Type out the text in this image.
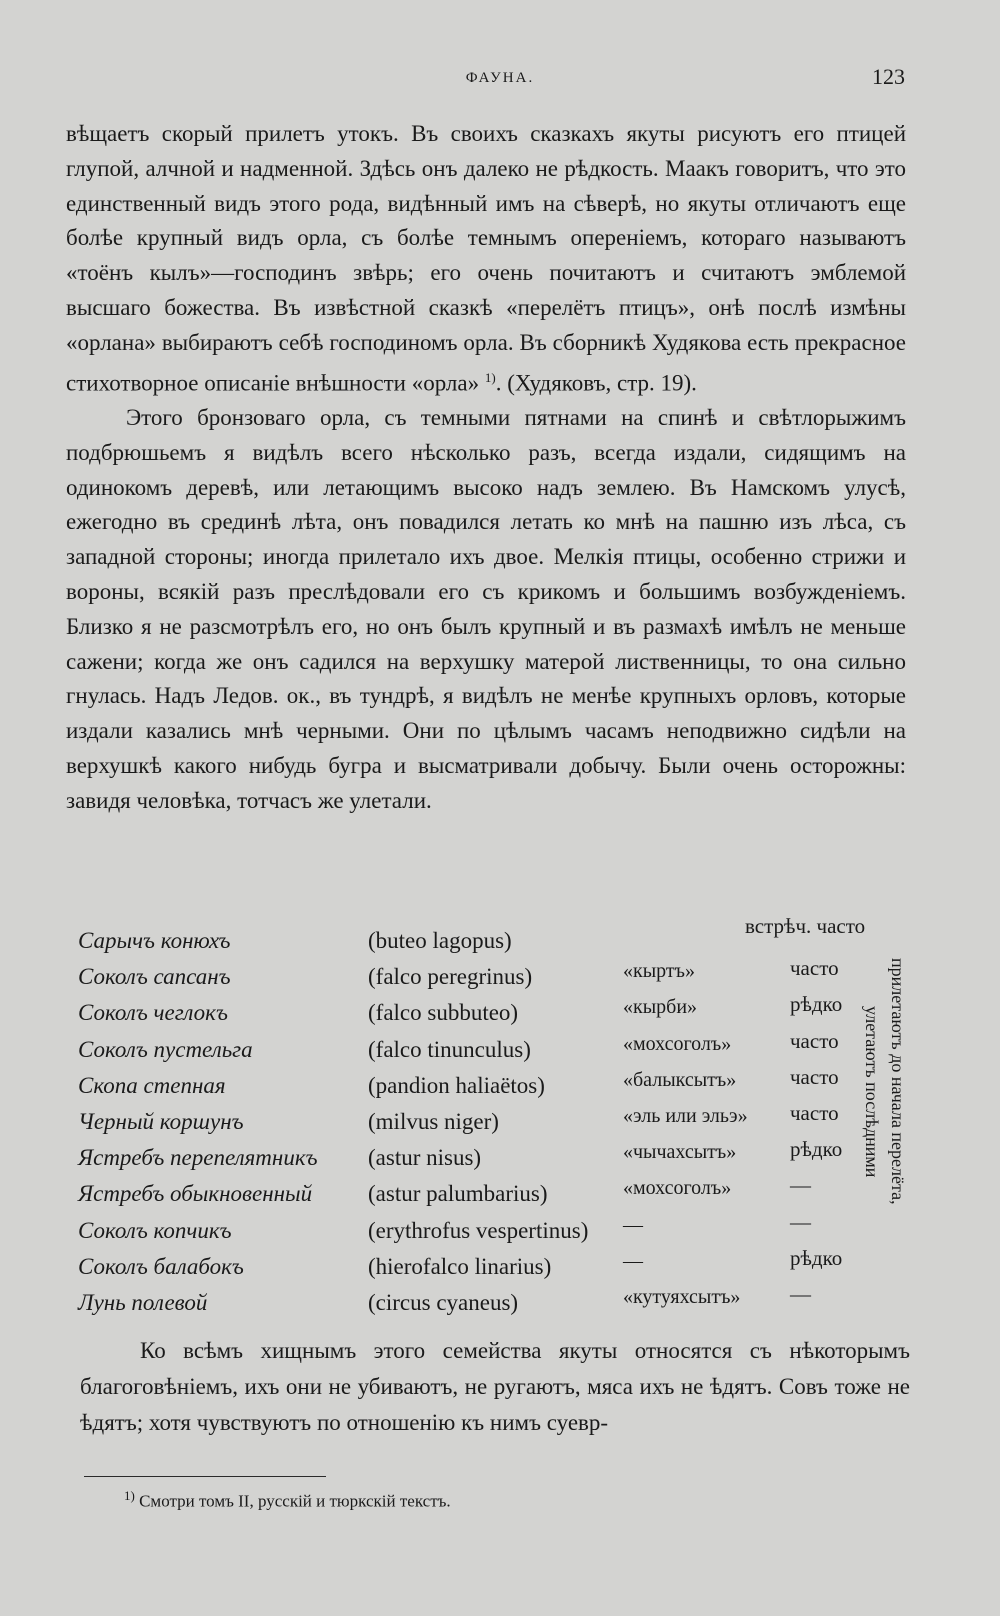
ФАУНА.	123

вѣщаетъ скорый прилетъ утокъ. Въ своихъ сказкахъ якуты рисуютъ его птицей глупой, алчной и надменной. Здѣсь онъ далеко не рѣдкость. Маакъ говоритъ, что это единственный видъ этого рода, видѣнный имъ на сѣверѣ, но якуты отличаютъ еще болѣе крупный видъ орла, съ болѣе темнымъ опереніемъ, котораго называютъ «тоёнъ кылъ»—господинъ звѣрь; его очень почитаютъ и считаютъ эмблемой высшаго божества. Въ извѣстной сказкѣ «перелётъ птицъ», онѣ послѣ измѣны «орлана» выбираютъ себѣ господиномъ орла. Въ сборникѣ Худякова есть прекрасное стихотворное описаніе внѣшности «орла» $^{1)}$. (Худяковъ, стр. 19).

Этого бронзоваго орла, съ темными пятнами на спинѣ и свѣтлорыжимъ подбрюшьемъ я видѣлъ всего нѣсколько разъ, всегда издали, сидящимъ на одинокомъ деревѣ, или летающимъ высоко надъ землею. Въ Намскомъ улусѣ, ежегодно въ срединѣ лѣта, онъ повадился летать ко мнѣ на пашню изъ лѣса, съ западной стороны; иногда прилетало ихъ двое. Мелкія птицы, особенно стрижи и вороны, всякій разъ преслѣдовали его съ крикомъ и большимъ возбужденіемъ. Близко я не разсмотрѣлъ его, но онъ былъ крупный и въ размахѣ имѣлъ не меньше сажени; когда же онъ садился на верхушку матерой лиственницы, то она сильно гнулась. Надъ Ледов. ок., въ тундрѣ, я видѣлъ не менѣе крупныхъ орловъ, которые издали казались мнѣ черными. Они по цѣлымъ часамъ неподвижно сидѣли на верхушкѣ какого нибудь бугра и высматривали добычу. Были очень осторожны: завидя человѣка, тотчасъ же улетали.

встрѣч. часто
Сарычъ конюхъ	(buteo lagopus)
Соколъ сапсанъ	(falco peregrinus)	«кыртъ»	часто
Соколъ чеглокъ	(falco subbuteo)	«кырби»	рѣдко
Соколъ пустельга	(falco tinunculus)	«мохсоголъ»	часто
Скопа степная	(pandion haliaëtos)	«балыксытъ»	часто
Черный коршунъ	(milvus niger)	«эль или эльэ» часто
Ястребъ перепелятникъ (astur nisus)	«чычахсытъ»	рѣдко
Ястребъ обыкновенный (astur palumbarius)	«мохсоголъ»	—
Соколъ копчикъ	(erythrofus vespertinus) —	—
Соколъ балабокъ	(hierofalco linarius)	—	рѣдко
Лунь полевой	(circus cyaneus)	«кутуяхсытъ» —
прилетаютъ до начала перелёта,
улетаютъ послѣдними

Ко всѣмъ хищнымъ этого семейства якуты относятся съ нѣкоторымъ благоговѣніемъ, ихъ они не убиваютъ, не ругаютъ, мяса ихъ не ѣдятъ. Совъ тоже не ѣдятъ; хотя чувствуютъ по отношенію къ нимъ суевр-

$^{1)}$ Смотри томъ II, русскій и тюркскій текстъ.
